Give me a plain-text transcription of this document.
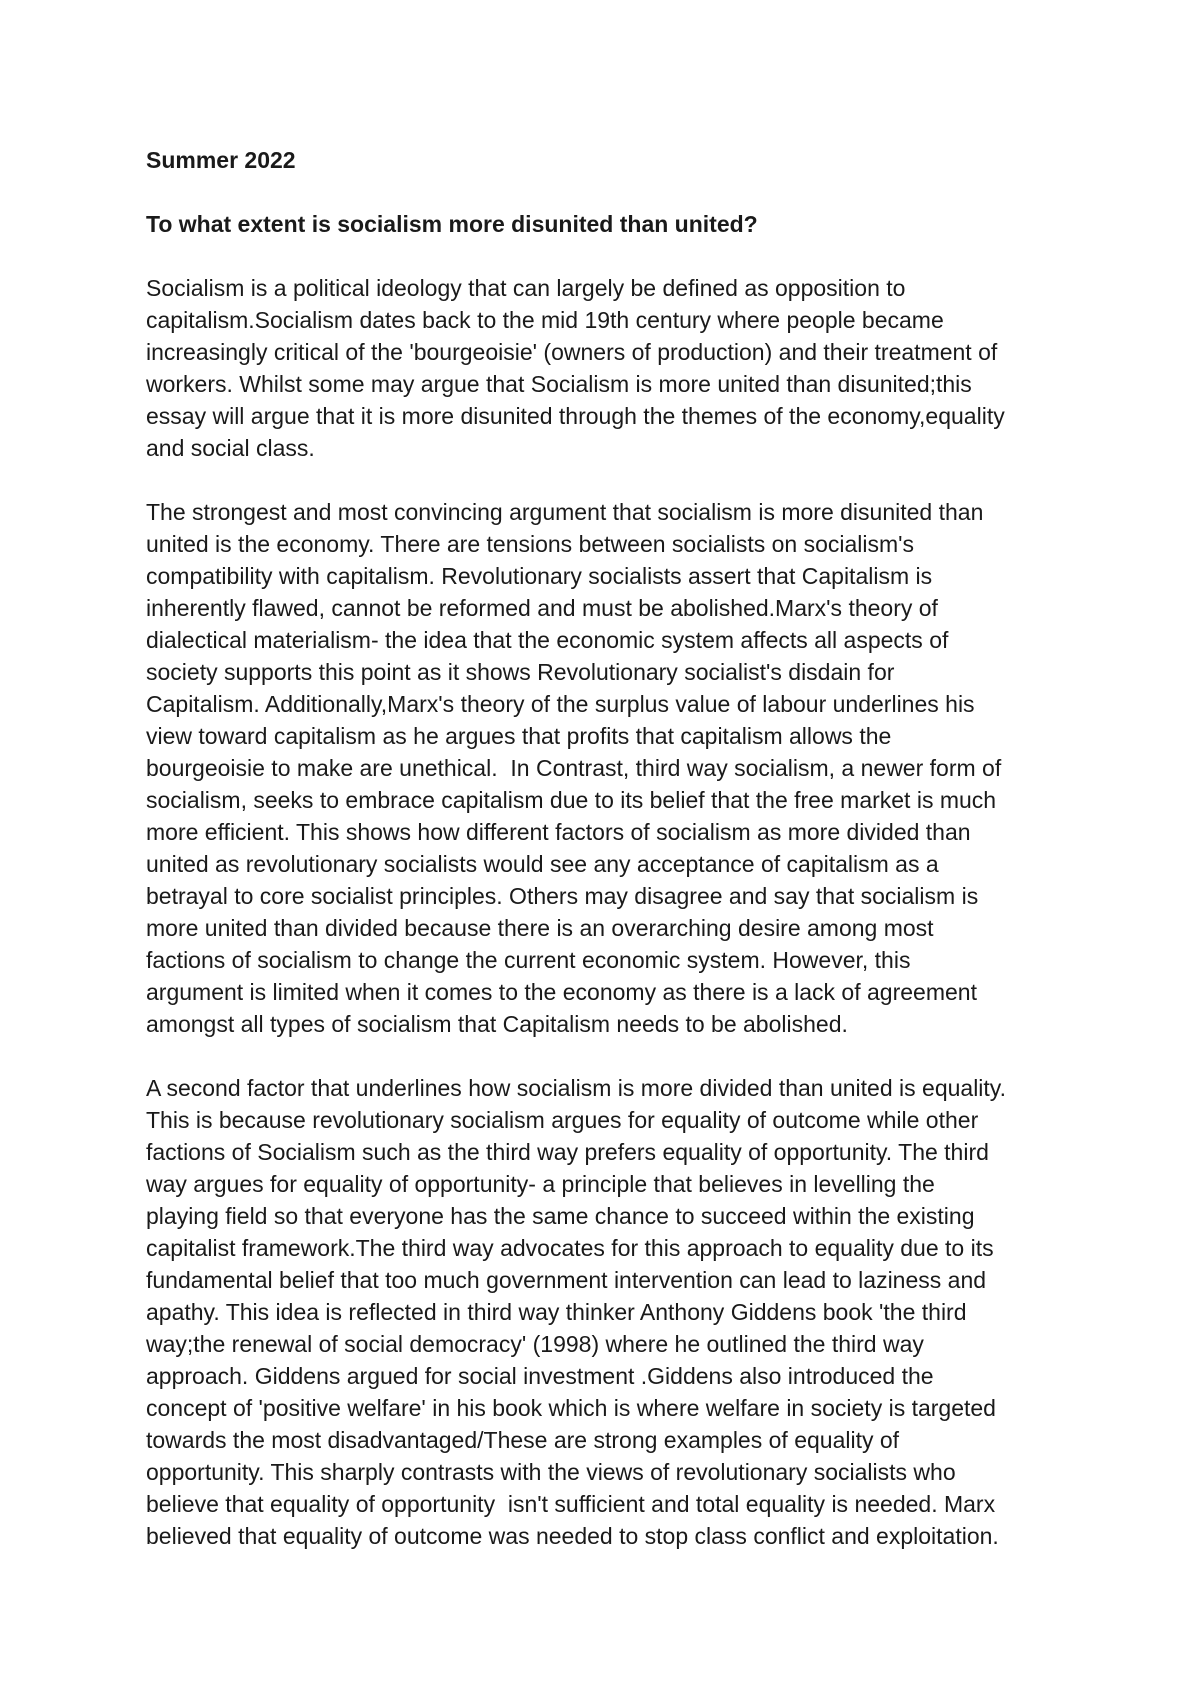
Summer 2022

To what extent is socialism more disunited than united?

Socialism is a political ideology that can largely be defined as opposition to
capitalism.Socialism dates back to the mid 19th century where people became
increasingly critical of the 'bourgeoisie' (owners of production) and their treatment of
workers. Whilst some may argue that Socialism is more united than disunited;this
essay will argue that it is more disunited through the themes of the economy,equality
and social class.
The strongest and most convincing argument that socialism is more disunited than
united is the economy. There are tensions between socialists on socialism's
compatibility with capitalism. Revolutionary socialists assert that Capitalism is
inherently flawed, cannot be reformed and must be abolished.Marx's theory of
dialectical materialism- the idea that the economic system affects all aspects of
society supports this point as it shows Revolutionary socialist's disdain for
Capitalism. Additionally,Marx's theory of the surplus value of labour underlines his
view toward capitalism as he argues that profits that capitalism allows the
bourgeoisie to make are unethical.  In Contrast, third way socialism, a newer form of
socialism, seeks to embrace capitalism due to its belief that the free market is much
more efficient. This shows how different factors of socialism as more divided than
united as revolutionary socialists would see any acceptance of capitalism as a
betrayal to core socialist principles. Others may disagree and say that socialism is
more united than divided because there is an overarching desire among most
factions of socialism to change the current economic system. However, this
argument is limited when it comes to the economy as there is a lack of agreement
amongst all types of socialism that Capitalism needs to be abolished.
A second factor that underlines how socialism is more divided than united is equality.
This is because revolutionary socialism argues for equality of outcome while other
factions of Socialism such as the third way prefers equality of opportunity. The third
way argues for equality of opportunity- a principle that believes in levelling the
playing field so that everyone has the same chance to succeed within the existing
capitalist framework.The third way advocates for this approach to equality due to its
fundamental belief that too much government intervention can lead to laziness and
apathy. This idea is reflected in third way thinker Anthony Giddens book 'the third
way;the renewal of social democracy' (1998) where he outlined the third way
approach. Giddens argued for social investment .Giddens also introduced the
concept of 'positive welfare' in his book which is where welfare in society is targeted
towards the most disadvantaged/These are strong examples of equality of
opportunity. This sharply contrasts with the views of revolutionary socialists who
believe that equality of opportunity  isn't sufficient and total equality is needed. Marx
believed that equality of outcome was needed to stop class conflict and exploitation.
